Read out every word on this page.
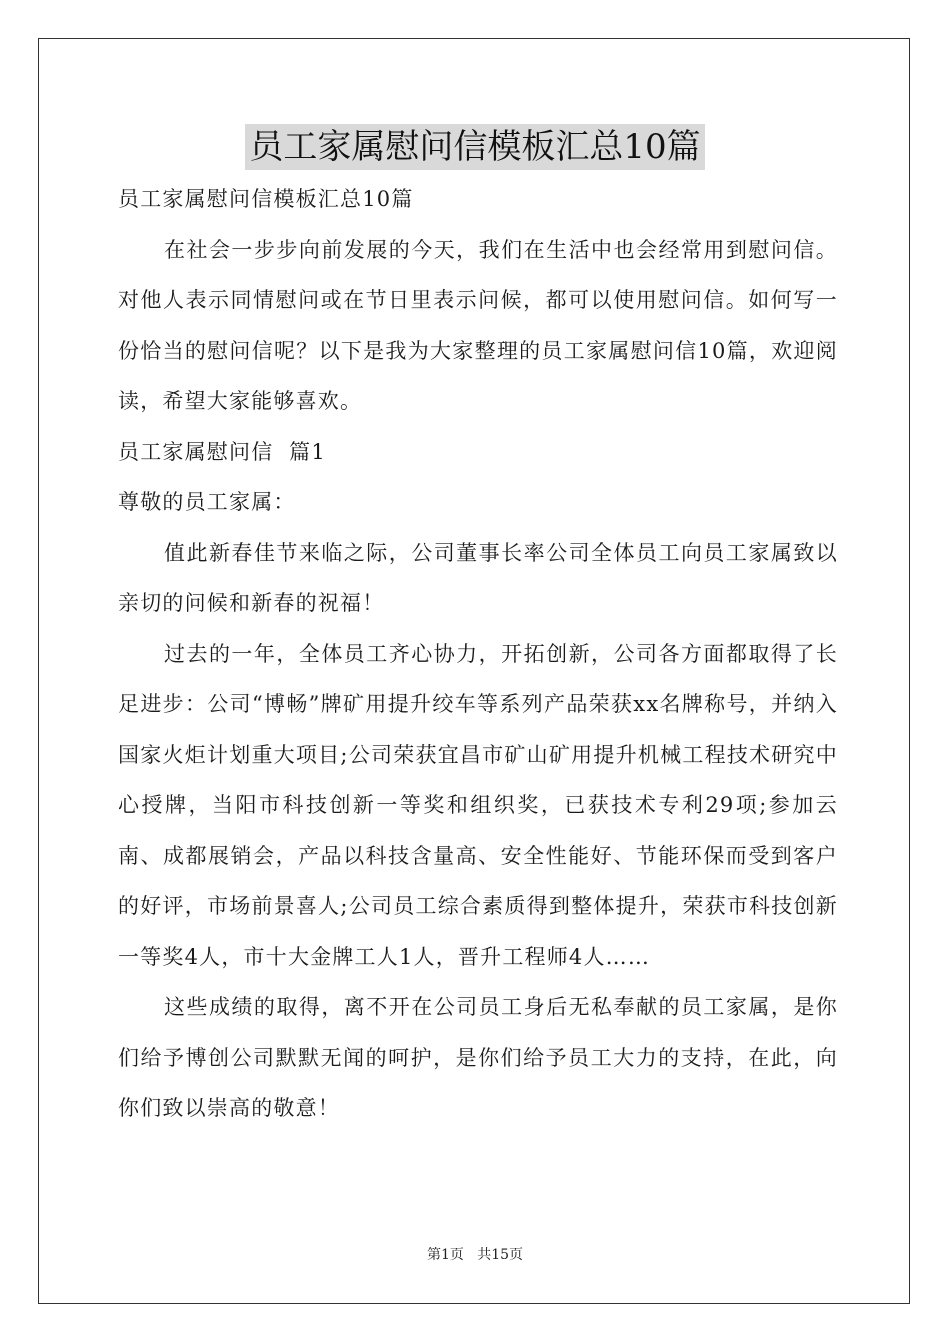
员工家属慰问信模板汇总10篇

员工家属慰问信模板汇总10篇

在社会一步步向前发展的今天，我们在生活中也会经常用到慰问信。对他人表示同情慰问或在节日里表示问候，都可以使用慰问信。如何写一份恰当的慰问信呢？以下是我为大家整理的员工家属慰问信10篇，欢迎阅读，希望大家能够喜欢。

员工家属慰问信  篇1

尊敬的员工家属：

值此新春佳节来临之际，公司董事长率公司全体员工向员工家属致以亲切的问候和新春的祝福！

过去的一年，全体员工齐心协力，开拓创新，公司各方面都取得了长足进步：公司“博畅”牌矿用提升绞车等系列产品荣获xx名牌称号，并纳入国家火炬计划重大项目;公司荣获宜昌市矿山矿用提升机械工程技术研究中心授牌，当阳市科技创新一等奖和组织奖，已获技术专利29项;参加云南、成都展销会，产品以科技含量高、安全性能好、节能环保而受到客户的好评，市场前景喜人;公司员工综合素质得到整体提升，荣获市科技创新一等奖4人，市十大金牌工人1人，晋升工程师4人……

这些成绩的取得，离不开在公司员工身后无私奉献的员工家属，是你们给予博创公司默默无闻的呵护，是你们给予员工大力的支持，在此，向你们致以崇高的敬意！

第1页   共15页
